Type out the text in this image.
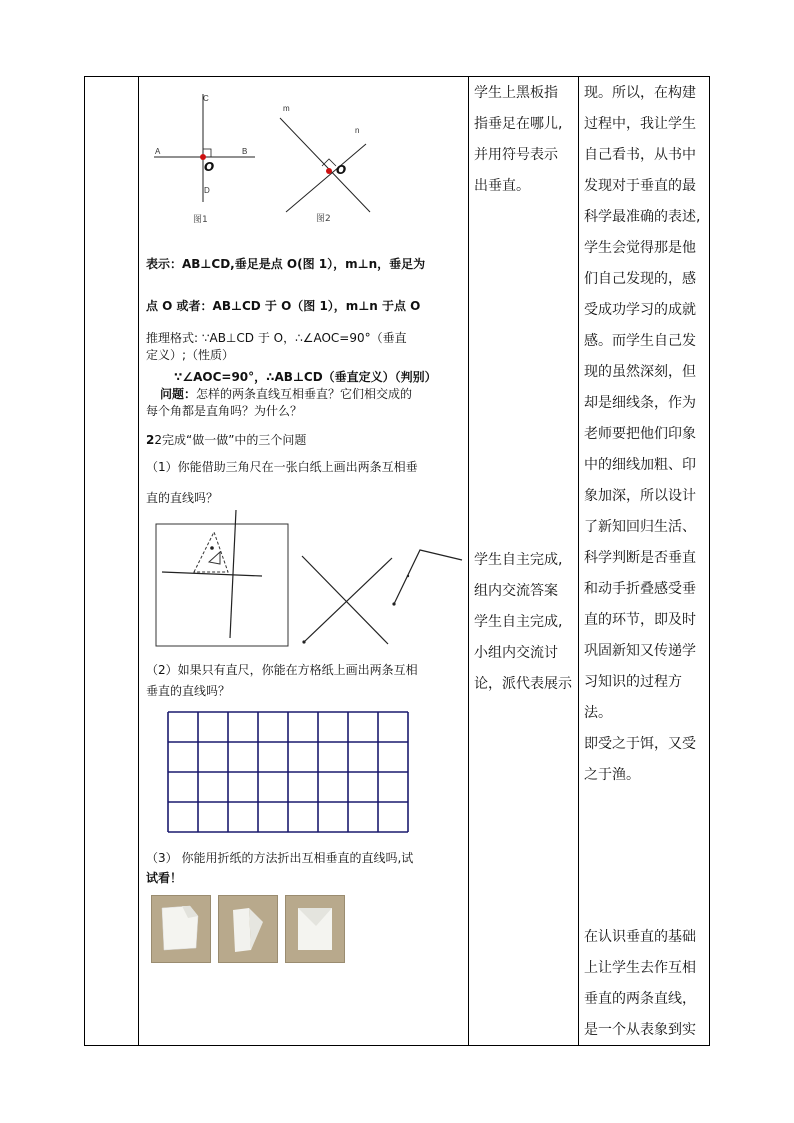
C
A	B
D
O
图1
m
n
O
图2
表示：AB⊥CD,垂足是点 O(图 1），m⊥n，垂足为
点 O 或者：AB⊥CD 于 O（图 1），m⊥n 于点 O
推理格式: ∵AB⊥CD 于 O，∴∠AOC=90°（垂直
定义）;（性质）
∵∠AOC=90°，∴AB⊥CD（垂直定义）（判别）
问题：怎样的两条直线互相垂直？它们相交成的
每个角都是直角吗？为什么？
22完成“做一做”中的三个问题
（1）你能借助三角尺在一张白纸上画出两条互相垂
直的直线吗？
（2）如果只有直尺，你能在方格纸上画出两条互相
垂直的直线吗？
（3） 你能用折纸的方法折出互相垂直的直线吗,试
试看！
学生上黑板指
指垂足在哪儿,
并用符号表示
出垂直。
学生自主完成,
组内交流答案
学生自主完成,
小组内交流讨
论，派代表展示
现。所以，在构建
过程中，我让学生
自己看书，从书中
发现对于垂直的最
科学最准确的表述,
学生会觉得那是他
们自己发现的，感
受成功学习的成就
感。而学生自己发
现的虽然深刻，但
却是细线条，作为
老师要把他们印象
中的细线加粗、印
象加深，所以设计
了新知回归生活、
科学判断是否垂直
和动手折叠感受垂
直的环节，即及时
巩固新知又传递学
习知识的过程方法。
即受之于饵，又受
之于渔。
在认识垂直的基础
上让学生去作互相
垂直的两条直线，
是一个从表象到实
